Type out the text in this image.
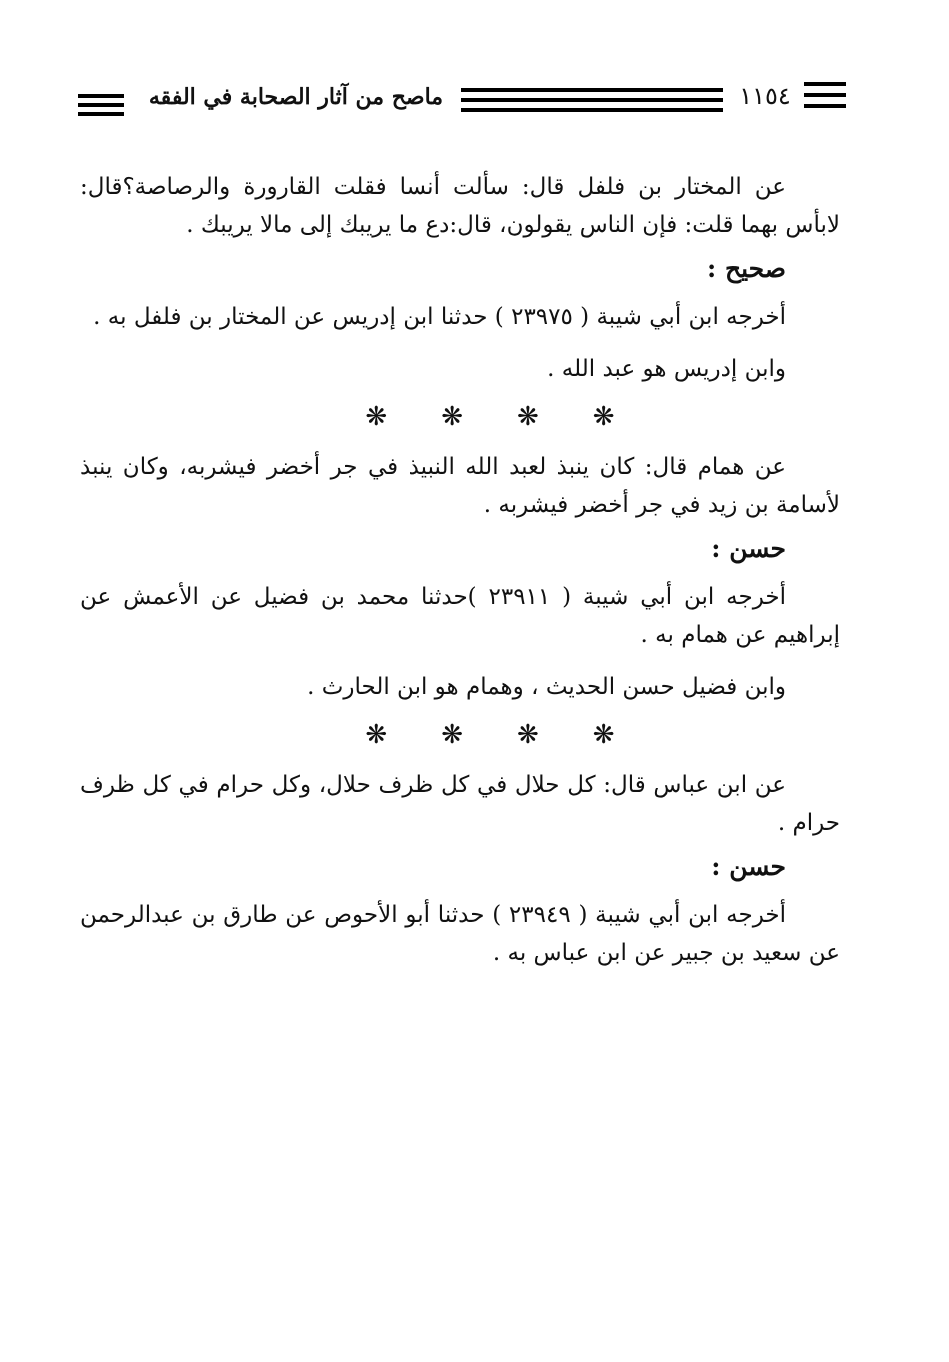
ماصح من آثار الصحابة في الفقه	١١٥٤

عن المختار بن فلفل قال: سألت أنسا فقلت القارورة والرصاصة؟قال: لابأس بهما قلت: فإن الناس يقولون، قال:دع ما يريبك إلى مالا يريبك .

صحيح :

أخرجه ابن أبي شيبة ( ٢٣٩٧٥ ) حدثنا ابن إدريس عن المختار بن فلفل به .

وابن إدريس هو عبد الله .

❋ ❋ ❋ ❋

عن همام قال: كان ينبذ لعبد الله النبيذ في جر أخضر فيشربه، وكان ينبذ لأسامة بن زيد في جر أخضر فيشربه .

حسن :

أخرجه ابن أبي شيبة ( ٢٣٩١١ )حدثنا محمد بن فضيل عن الأعمش عن إبراهيم عن همام به .

وابن فضيل حسن الحديث ، وهمام هو ابن الحارث .

❋ ❋ ❋ ❋

عن ابن عباس قال: كل حلال في كل ظرف حلال، وكل حرام في كل ظرف حرام .

حسن :

أخرجه ابن أبي شيبة ( ٢٣٩٤٩ ) حدثنا أبو الأحوص عن طارق بن عبدالرحمن عن سعيد بن جبير عن ابن عباس به .
